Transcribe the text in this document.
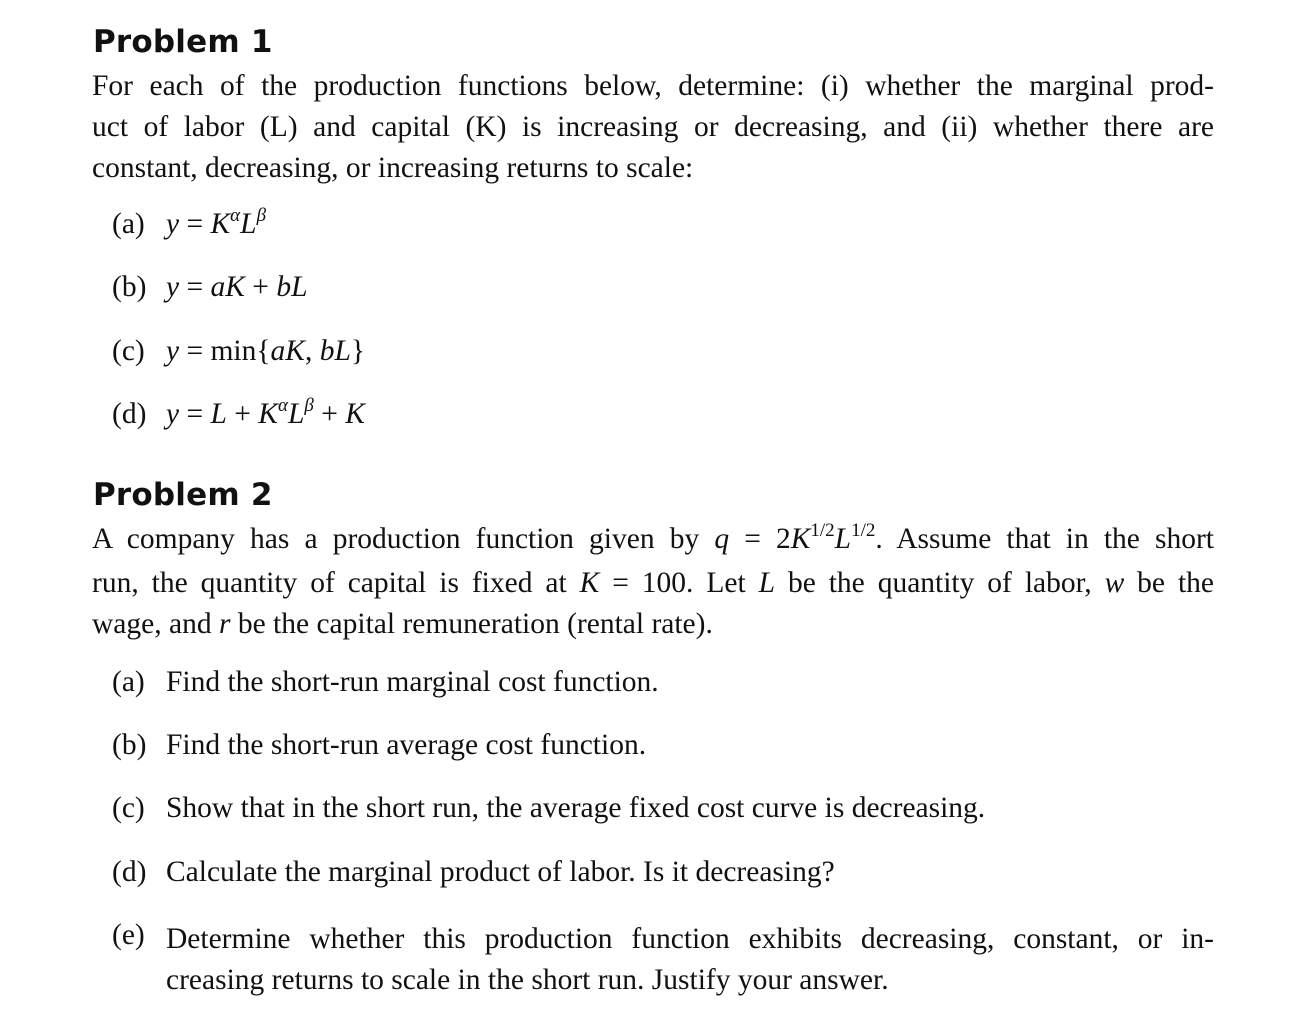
Problem 1
For each of the production functions below, determine: (i) whether the marginal prod-
uct of labor (L) and capital (K) is increasing or decreasing, and (ii) whether there are
constant, decreasing, or increasing returns to scale:
(a) $y = K^\alpha L^\beta$
(b) y = aK + bL
(c) y = min{aK, bL}
(d) $y = L + K^\alpha L^\beta + K$
Problem 2
A company has a production function given by $q = 2K^{1/2}L^{1/2}$. Assume that in the short
run, the quantity of capital is fixed at K = 100. Let L be the quantity of labor, w be the
wage, and r be the capital remuneration (rental rate).
(a) Find the short-run marginal cost function.
(b) Find the short-run average cost function.
(c) Show that in the short run, the average fixed cost curve is decreasing.
(d) Calculate the marginal product of labor. Is it decreasing?
(e) Determine whether this production function exhibits decreasing, constant, or in-
creasing returns to scale in the short run. Justify your answer.
